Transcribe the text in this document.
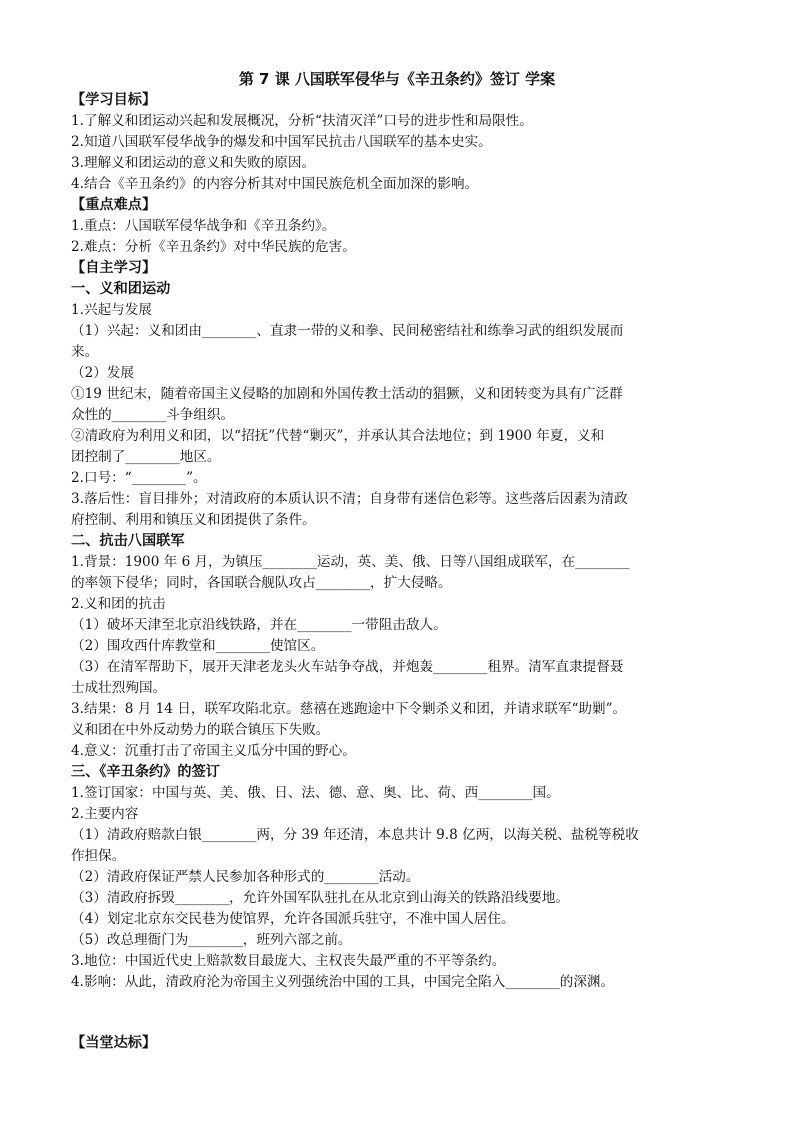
第 7 课 八国联军侵华与《辛丑条约》签订 学案
【学习目标】

1.了解义和团运动兴起和发展概况，分析“扶清灭洋”口号的进步性和局限性。

2.知道八国联军侵华战争的爆发和中国军民抗击八国联军的基本史实。

3.理解义和团运动的意义和失败的原因。

4.结合《辛丑条约》的内容分析其对中国民族危机全面加深的影响。

【重点难点】

1.重点：八国联军侵华战争和《辛丑条约》。

2.难点：分析《辛丑条约》对中华民族的危害。

【自主学习】
一、义和团运动

1.兴起与发展

（1）兴起：义和团由________、直隶一带的义和拳、民间秘密结社和练拳习武的组织发展而

来。

（2）发展

①19 世纪末，随着帝国主义侵略的加剧和外国传教士活动的猖獗，义和团转变为具有广泛群

众性的________斗争组织。

②清政府为利用义和团，以“招抚”代替“剿灭”，并承认其合法地位；到 1900 年夏，义和

团控制了________地区。

2.口号：“________”。

3.落后性：盲目排外；对清政府的本质认识不清；自身带有迷信色彩等。这些落后因素为清政

府控制、利用和镇压义和团提供了条件。

二、抗击八国联军

1.背景：1900 年 6 月，为镇压________运动，英、美、俄、日等八国组成联军，在________

的率领下侵华；同时，各国联合舰队攻占________，扩大侵略。

2.义和团的抗击

（1）破坏天津至北京沿线铁路，并在________一带阻击敌人。

（2）围攻西什库教堂和________使馆区。

（3）在清军帮助下，展开天津老龙头火车站争夺战，并炮轰________租界。清军直隶提督聂

士成壮烈殉国。

3.结果：8 月 14 日，联军攻陷北京。慈禧在逃跑途中下令剿杀义和团，并请求联军“助剿”。

义和团在中外反动势力的联合镇压下失败。

4.意义：沉重打击了帝国主义瓜分中国的野心。

三、《辛丑条约》的签订

1.签订国家：中国与英、美、俄、日、法、德、意、奥、比、荷、西________国。

2.主要内容

（1）清政府赔款白银________两，分 39 年还清，本息共计 9.8 亿两，以海关税、盐税等税收

作担保。

（2）清政府保证严禁人民参加各种形式的________活动。

（3）清政府拆毁________，允许外国军队驻扎在从北京到山海关的铁路沿线要地。

（4）划定北京东交民巷为使馆界，允许各国派兵驻守，不准中国人居住。

（5）改总理衙门为________，班列六部之前。

3.地位：中国近代史上赔款数目最庞大、主权丧失最严重的不平等条约。

4.影响：从此，清政府沦为帝国主义列强统治中国的工具，中国完全陷入________的深渊。

【当堂达标】
